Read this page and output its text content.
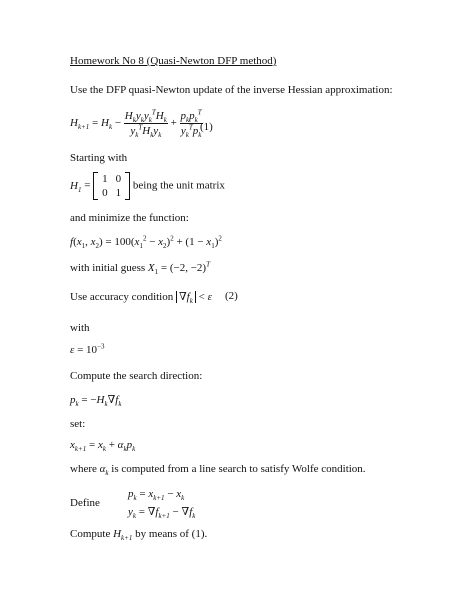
Homework No 8 (Quasi-Newton DFP method)
Use the DFP quasi-Newton update of the inverse Hessian approximation:
$H_{k+1} = H_k - \frac{H_ky_ky_k^TH_k}{y_k^TH_ky_k} + \frac{p_kp_k^T}{y_k^Tp_k}$
(1)
Starting with
$H_1$ =
1	0
0	1
being the unit matrix
and minimize the function:
$f(x_1$, $x_2) = 100(x_1^2 - x_2)^2 + (1 - x_1)^2$
with initial guess $X_1 = (-2$, −2)$^T$
Use accuracy condition $\nabla f_k < \varepsilon$ (2)
with
$\varepsilon = 10^{-3}$
Compute the search direction:
$p_k = -H_k\nabla f_k$
set:
$x_{k+1} = x_k + \alpha_kp_k$
where $\alpha_k$ is computed from a line search to satisfy Wolfe condition.
Define
$p_k = x_{k+1} - x_k$
$y_k = \nabla f_{k+1} - \nabla f_k$
Compute $H_{k+1}$ by means of (1).
